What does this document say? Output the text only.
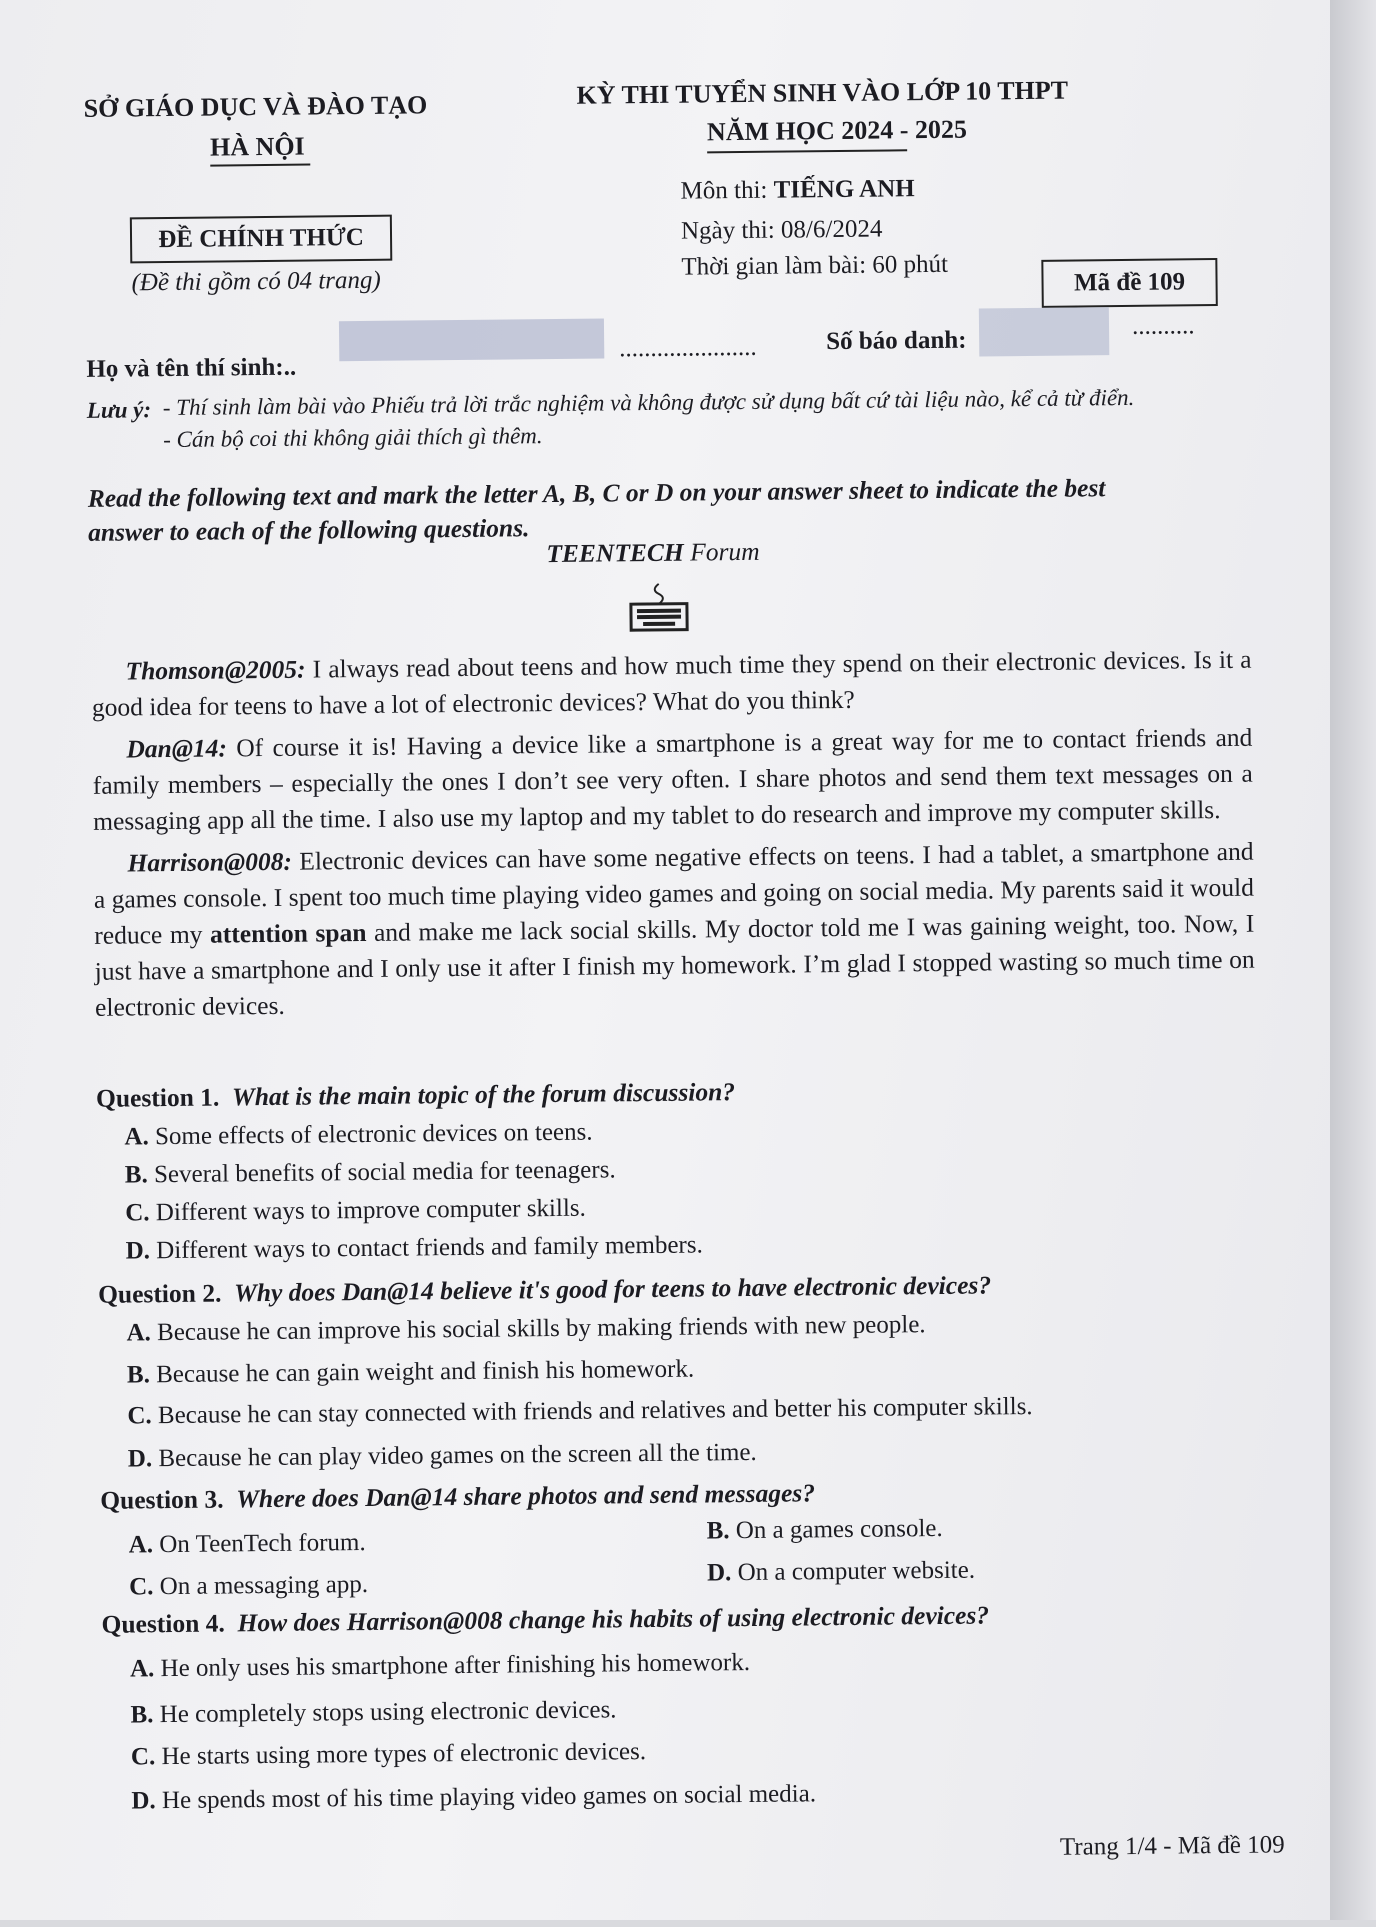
SỞ GIÁO DỤC VÀ ĐÀO TẠO
HÀ NỘI
KỲ THI TUYỂN SINH VÀO LỚP 10 THPT
NĂM HỌC 2024 - 2025
ĐỀ CHÍNH THỨC
(Đề thi gồm có 04 trang)
Môn thi: TIẾNG ANH
Ngày thi: 08/6/2024
Thời gian làm bài: 60 phút
Mã đề 109
Họ và tên thí sinh:..
......................	Số báo danh:
..........
Lưu ý: - Thí sinh làm bài vào Phiếu trả lời trắc nghiệm và không được sử dụng bất cứ tài liệu nào, kể cả từ điển.
- Cán bộ coi thi không giải thích gì thêm.
Read the following text and mark the letter A, B, C or D on your answer sheet to indicate the best
answer to each of the following questions.
TEENTECH Forum

Thomson@2005: I always read about teens and how much time they spend on their electronic devices. Is it a good idea for teens to have a lot of electronic devices? What do you think?

Dan@14: Of course it is! Having a device like a smartphone is a great way for me to contact friends and family members – especially the ones I don’t see very often. I share photos and send them text messages on a messaging app all the time. I also use my laptop and my tablet to do research and improve my computer skills.

Harrison@008: Electronic devices can have some negative effects on teens. I had a tablet, a smartphone and a games console. I spent too much time playing video games and going on social media. My parents said it would reduce my attention span and make me lack social skills. My doctor told me I was gaining weight, too. Now, I just have a smartphone and I only use it after I finish my homework. I’m glad I stopped wasting so much time on electronic devices.

Question 1. What is the main topic of the forum discussion?
A. Some effects of electronic devices on teens.
B. Several benefits of social media for teenagers.
C. Different ways to improve computer skills.
D. Different ways to contact friends and family members.
Question 2. Why does Dan@14 believe it's good for teens to have electronic devices?
A. Because he can improve his social skills by making friends with new people.
B. Because he can gain weight and finish his homework.
C. Because he can stay connected with friends and relatives and better his computer skills.
D. Because he can play video games on the screen all the time.
Question 3. Where does Dan@14 share photos and send messages?
A. On TeenTech forum.	B. On a games console.
C. On a messaging app.	D. On a computer website.
Question 4. How does Harrison@008 change his habits of using electronic devices?
A. He only uses his smartphone after finishing his homework.
B. He completely stops using electronic devices.
C. He starts using more types of electronic devices.
D. He spends most of his time playing video games on social media.
Trang 1/4 - Mã đề 109
